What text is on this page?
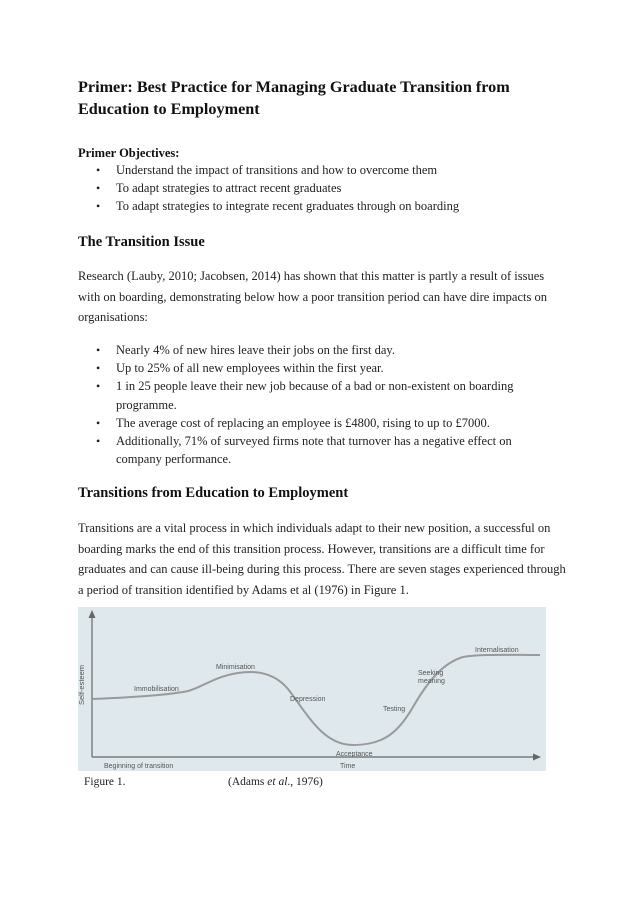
Primer: Best Practice for Managing Graduate Transition from Education to Employment
Primer Objectives:
• Understand the impact of transitions and how to overcome them
• To adapt strategies to attract recent graduates
• To adapt strategies to integrate recent graduates through on boarding
The Transition Issue

Research (Lauby, 2010; Jacobsen, 2014) has shown that this matter is partly a result of issues with on boarding, demonstrating below how a poor transition period can have dire impacts on organisations:

• Nearly 4% of new hires leave their jobs on the first day.
• Up to 25% of all new employees within the first year.
• 1 in 25 people leave their new job because of a bad or non-existent on boarding programme.
• The average cost of replacing an employee is £4800, rising to up to £7000.
• Additionally, 71% of surveyed firms note that turnover has a negative effect on company performance.
Transitions from Education to Employment

Transitions are a vital process in which individuals adapt to their new position, a successful on boarding marks the end of this transition process. However, transitions are a difficult time for graduates and can cause ill-being during this process. There are seven stages experienced through a period of transition identified by Adams et al (1976) in Figure 1.

Self-esteem
Beginning of transition	Time
Immobilisation
Minimisation
Depression
Acceptance
Testing
Seeking
meaning
Internalisation
Figure 1.	(Adams et al., 1976)
